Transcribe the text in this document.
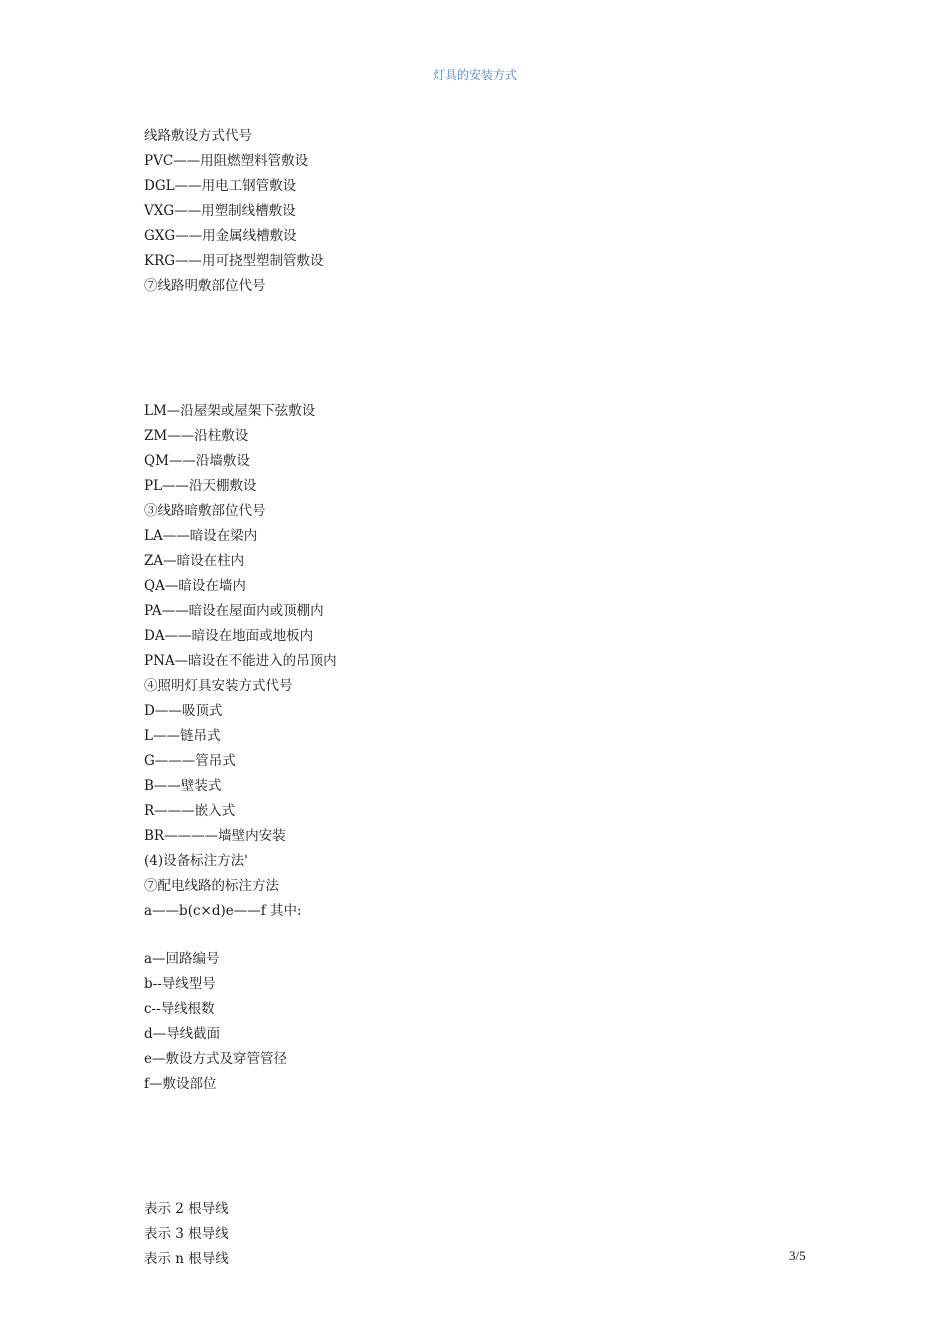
灯具的安装方式
线路敷设方式代号
PVC——用阻燃塑料管敷设
DGL——用电工钢管敷设
VXG——用塑制线槽敷设
GXG——用金属线槽敷设
KRG——用可挠型塑制管敷设
⑦线路明敷部位代号
LM—沿屋架或屋架下弦敷设
ZM——沿柱敷设
QM——沿墙敷设
PL——沿天棚敷设
③线路暗敷部位代号
LA——暗设在梁内
ZA—暗设在柱内
QA—暗设在墙内
PA——暗设在屋面内或顶棚内
DA——暗设在地面或地板内
PNA—暗设在不能进入的吊顶内
④照明灯具安装方式代号
D——吸顶式
L——链吊式
G———管吊式
B——壁装式
R———嵌入式
BR————墙壁内安装
(4)设备标注方法'
⑦配电线路的标注方法
a——b(c×d)e——f 其中:
a—回路编号
b--导线型号
c--导线根数
d—导线截面
e—敷设方式及穿管管径
f—敷设部位
表示 2 根导线
表示 3 根导线
表示 n 根导线	3/5
